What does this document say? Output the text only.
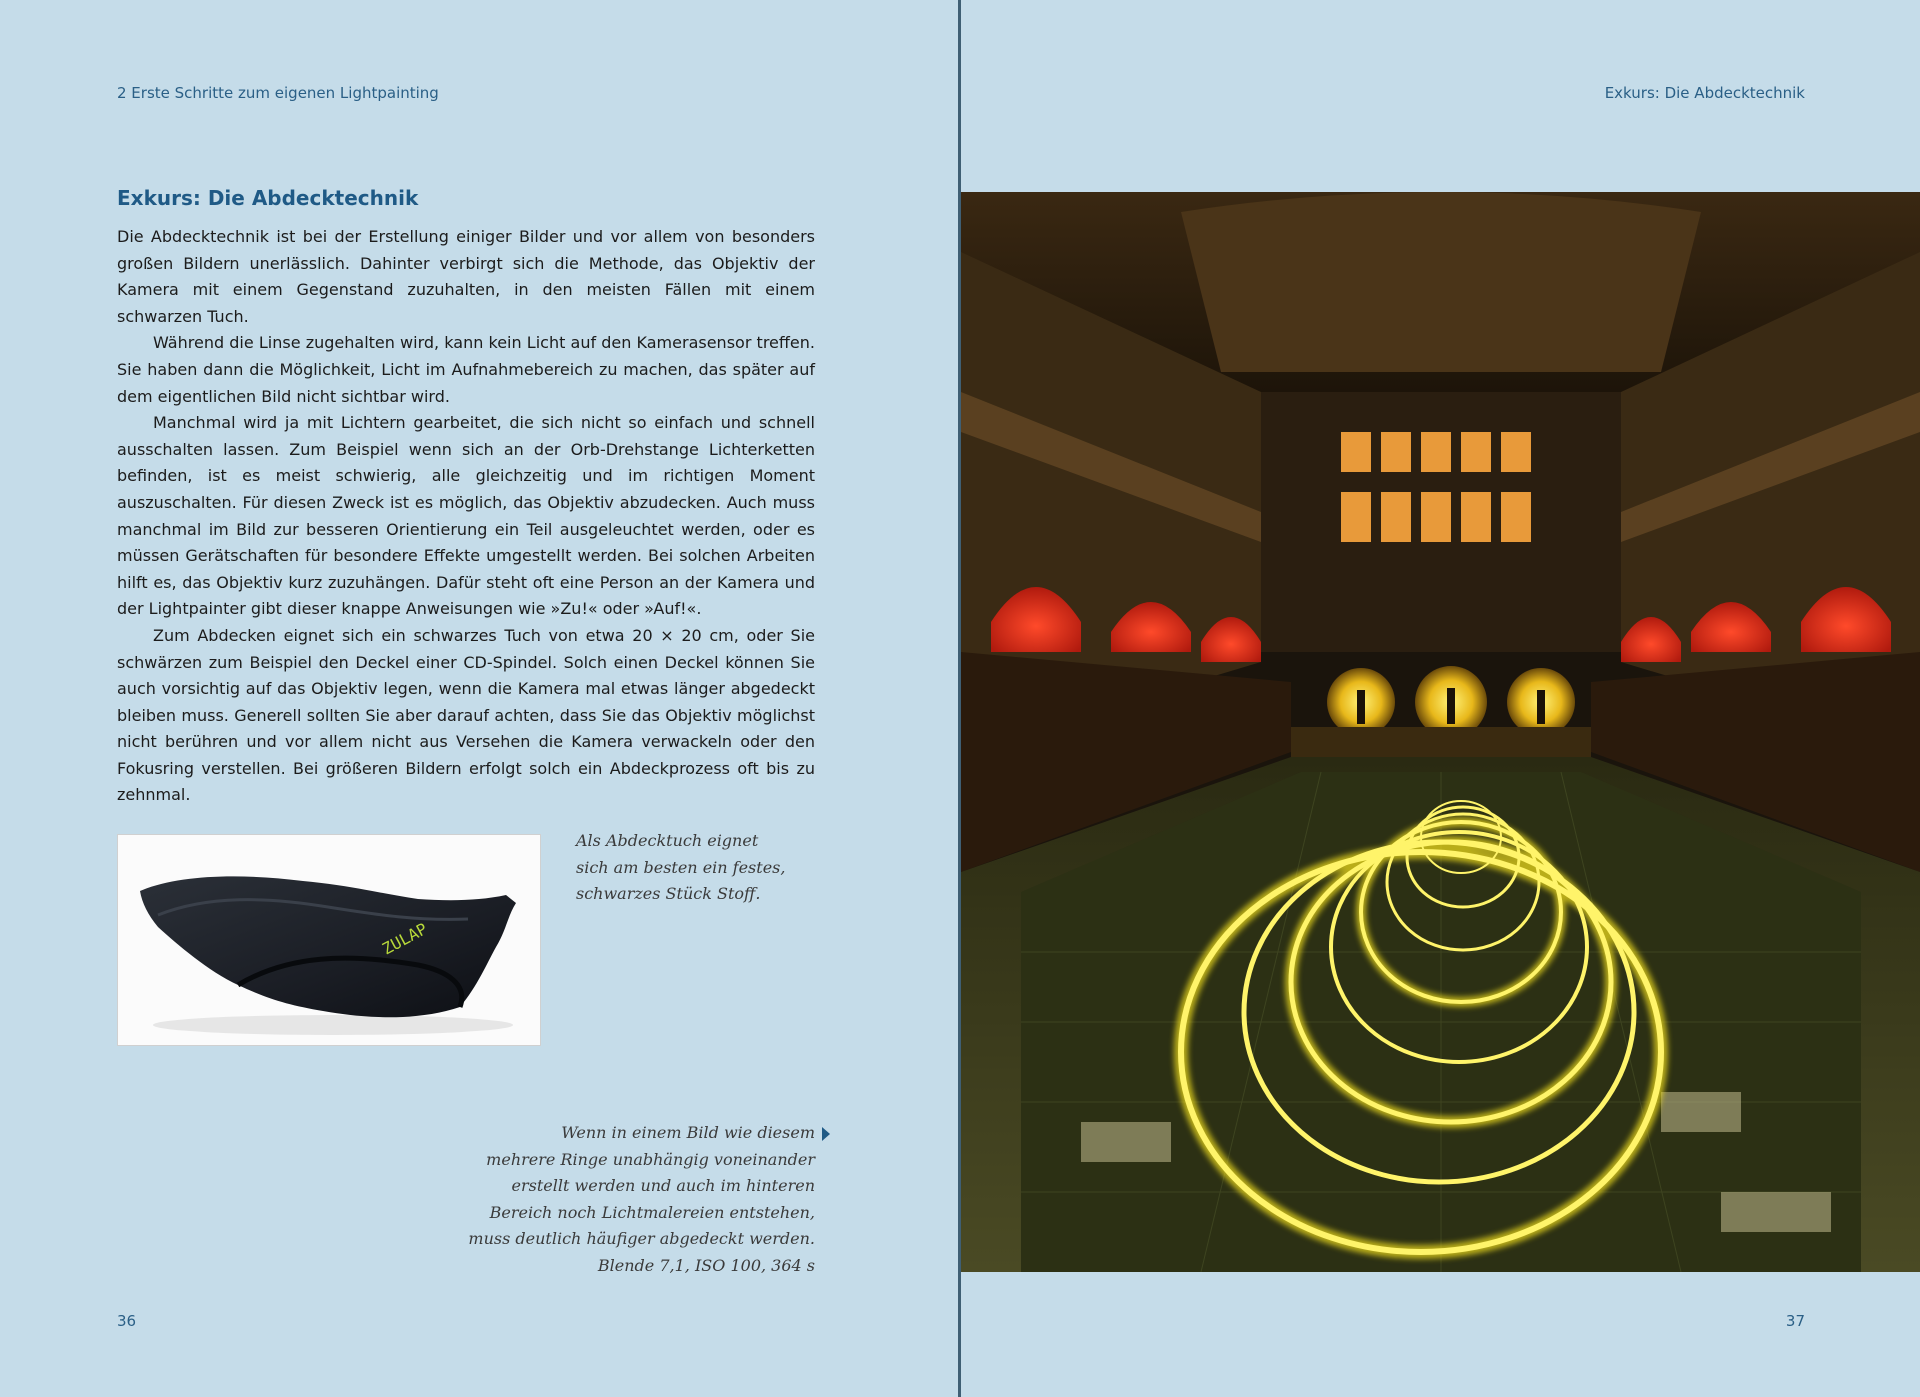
2 Erste Schritte zum eigenen Lightpainting
Exkurs: Die Abdecktechnik

Die Abdecktechnik ist bei der Erstellung einiger Bilder und vor allem von besonders großen Bildern unerlässlich. Dahinter verbirgt sich die Methode, das Objektiv der Kamera mit einem Gegenstand zuzuhalten, in den meisten Fällen mit einem schwarzen Tuch.

Während die Linse zugehalten wird, kann kein Licht auf den Kamerasensor treffen. Sie haben dann die Möglichkeit, Licht im Aufnahmebereich zu machen, das später auf dem eigentlichen Bild nicht sichtbar wird.

Manchmal wird ja mit Lichtern gearbeitet, die sich nicht so einfach und schnell ausschalten lassen. Zum Beispiel wenn sich an der Orb-Drehstange Lichterketten befinden, ist es meist schwierig, alle gleichzeitig und im richtigen Moment auszuschalten. Für diesen Zweck ist es möglich, das Objektiv abzudecken. Auch muss manchmal im Bild zur besseren Orientierung ein Teil ausgeleuchtet werden, oder es müssen Gerätschaften für besondere Effekte umgestellt werden. Bei solchen Arbeiten hilft es, das Objektiv kurz zuzuhängen. Dafür steht oft eine Person an der Kamera und der Lightpainter gibt dieser knappe Anweisungen wie »Zu!« oder »Auf!«.

Zum Abdecken eignet sich ein schwarzes Tuch von etwa 20 × 20 cm, oder Sie schwärzen zum Beispiel den Deckel einer CD-Spindel. Solch einen Deckel können Sie auch vorsichtig auf das Objektiv legen, wenn die Kamera mal etwas länger abgedeckt bleiben muss. Generell sollten Sie aber darauf achten, dass Sie das Objektiv möglichst nicht berühren und vor allem nicht aus Versehen die Kamera verwackeln oder den Fokusring verstellen. Bei größeren Bildern erfolgt solch ein Abdeckprozess oft bis zu zehnmal.

ZULAP
Als Abdecktuch eignet
sich am besten ein festes,
schwarzes Stück Stoff.
Wenn in einem Bild wie diesem
mehrere Ringe unabhängig voneinander
erstellt werden und auch im hinteren
Bereich noch Lichtmalereien entstehen,
muss deutlich häufiger abgedeckt werden.
Blende 7,1, ISO 100, 364 s
36
Exkurs: Die Abdecktechnik
37
